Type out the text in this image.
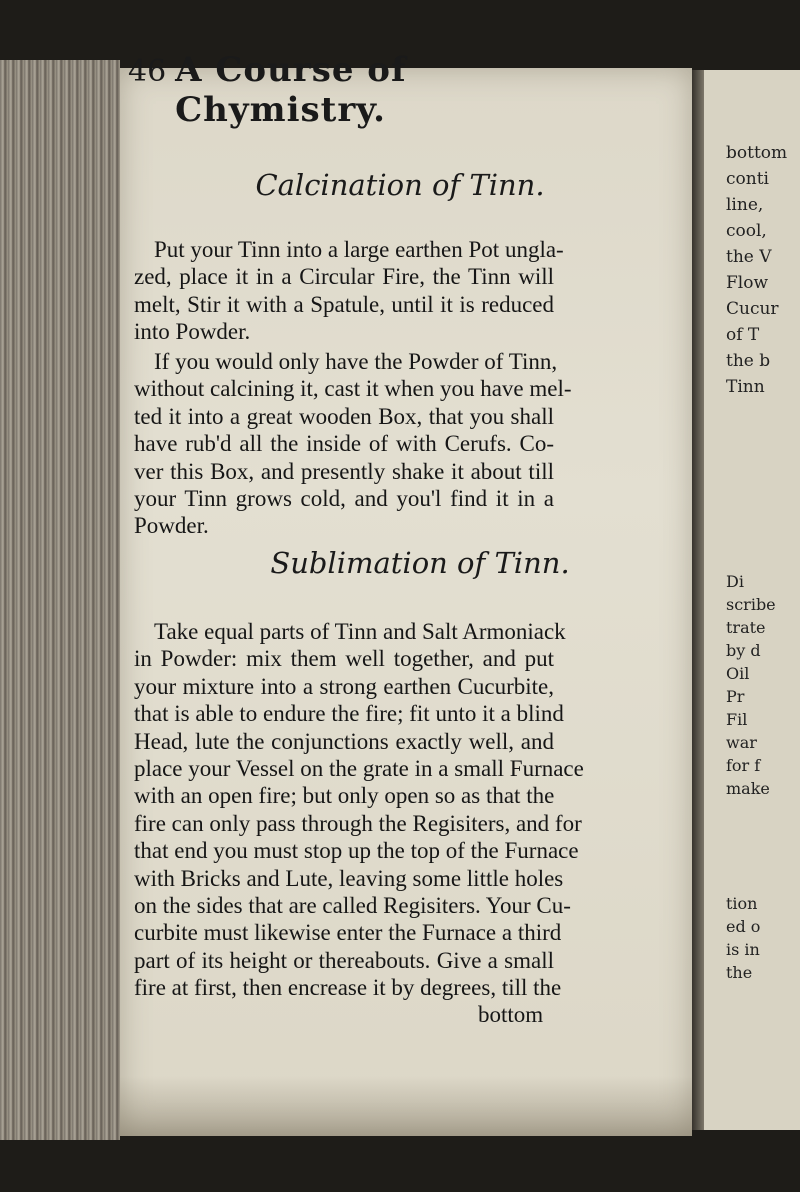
bottom
conti
line,
cool,
the V
Flow
Cucur
of T
the b
Tinn
Di
scribe
trate
by d
Oil
Pr
Fil
war
for f
make

tion
ed o
is in
the
46 A Course of Chymistry.
Calcination of Tinn.
Put your Tinn into a large earthen Pot ungla-
zed, place it in a Circular Fire, the Tinn will
melt, Stir it with a Spatule, until it is reduced
into Powder.
If you would only have the Powder of Tinn,
without calcining it, cast it when you have mel-
ted it into a great wooden Box, that you shall
have rub'd all the inside of with Cerufs. Co-
ver this Box, and presently shake it about till
your Tinn grows cold, and you'l find it in a
Powder.
Sublimation of Tinn.
Take equal parts of Tinn and Salt Armoniack
in Powder: mix them well together, and put
your mixture into a strong earthen Cucurbite,
that is able to endure the fire; fit unto it a blind
Head, lute the conjunctions exactly well, and
place your Vessel on the grate in a small Furnace
with an open fire; but only open so as that the
fire can only pass through the Regisiters, and for
that end you must stop up the top of the Furnace
with Bricks and Lute, leaving some little holes
on the sides that are called Regisiters. Your Cu-
curbite must likewise enter the Furnace a third
part of its height or thereabouts. Give a small
fire at first, then encrease it by degrees, till the
bottom
